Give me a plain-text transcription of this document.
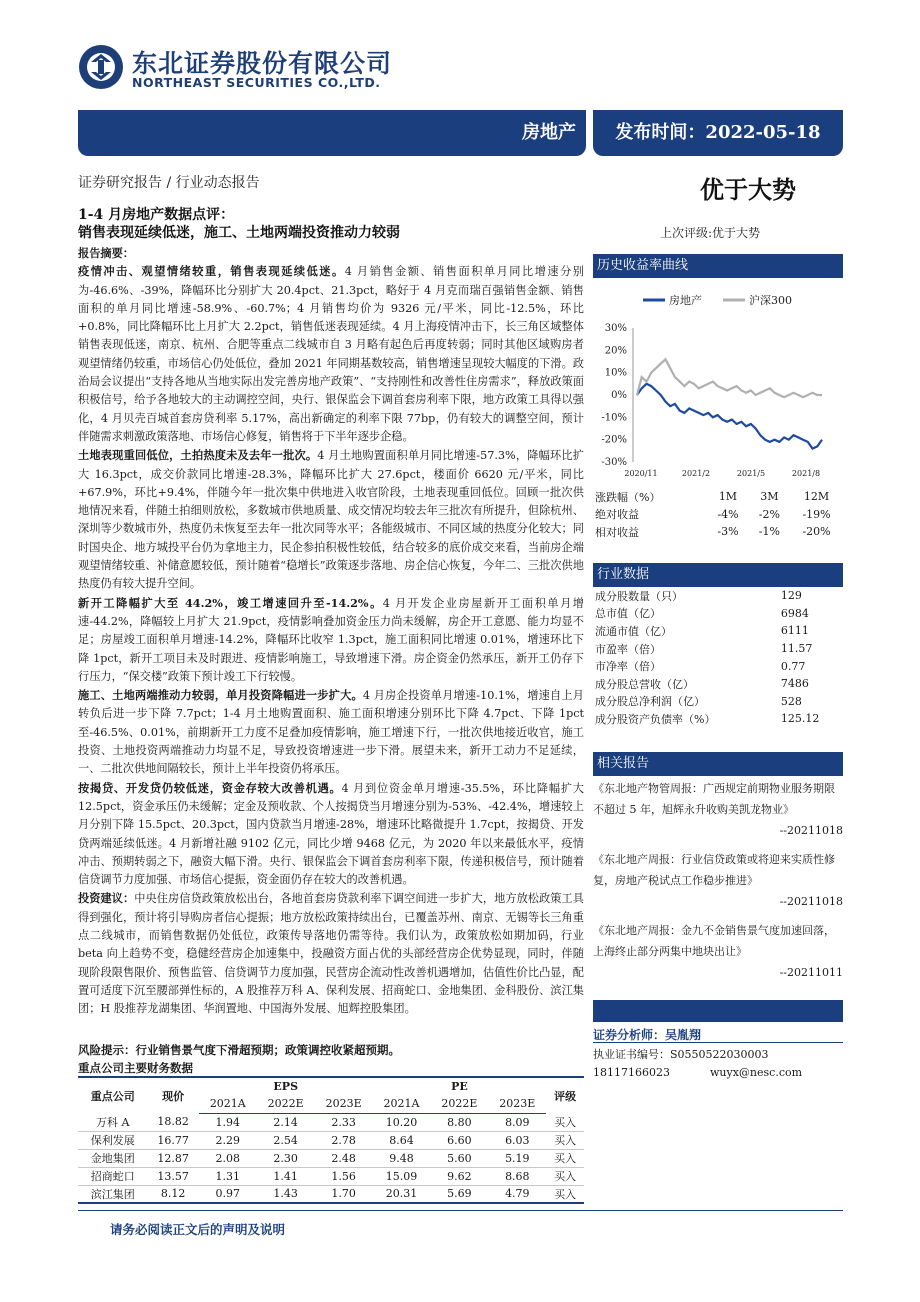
东北证券股份有限公司
NORTHEAST SECURITIES CO.,LTD.
房地产	发布时间：2022-05-18
证券研究报告 / 行业动态报告
1-4 月房地产数据点评：
销售表现延续低迷，施工、土地两端投资推动力较弱
优于大势
上次评级:优于大势

报告摘要：

疫情冲击、观望情绪较重，销售表现延续低迷。4 月销售金额、销售面积单月同比增速分别为-46.6%、-39%，降幅环比分别扩大 20.4pct、21.3pct，略好于 4 月克而瑞百强销售金额、销售面积的单月同比增速-58.9%、-60.7%；4 月销售均价为 9326 元/平米，同比-12.5%，环比+0.8%，同比降幅环比上月扩大 2.2pct，销售低迷表现延续。4 月上海疫情冲击下，长三角区域整体销售表现低迷，南京、杭州、合肥等重点二线城市自 3 月略有起色后再度转弱；同时其他区域购房者观望情绪仍较重，市场信心仍处低位，叠加 2021 年同期基数较高，销售增速呈现较大幅度的下滑。政治局会议提出“支持各地从当地实际出发完善房地产政策”、“支持刚性和改善性住房需求”，释放政策面积极信号，给予各地较大的主动调控空间，央行、银保监会下调首套房利率下限，地方政策工具得以强化，4 月贝壳百城首套房贷利率 5.17%，高出新确定的利率下限 77bp，仍有较大的调整空间，预计伴随需求刺激政策落地、市场信心修复，销售将于下半年逐步企稳。

土地表现重回低位，土拍热度未及去年一批次。4 月土地购置面积单月同比增速-57.3%，降幅环比扩大 16.3pct，成交价款同比增速-28.3%，降幅环比扩大 27.6pct，楼面价 6620 元/平米，同比+67.9%，环比+9.4%，伴随今年一批次集中供地进入收官阶段，土地表现重回低位。回顾一批次供地情况来看，伴随土拍细则放松，多数城市供地质量、成交情况均较去年三批次有所提升，但除杭州、深圳等少数城市外，热度仍未恢复至去年一批次同等水平；各能级城市、不同区域的热度分化较大；同时国央企、地方城投平台仍为拿地主力，民企参拍积极性较低，结合较多的底价成交来看，当前房企端观望情绪较重、补储意愿较低，预计随着“稳增长”政策逐步落地、房企信心恢复，今年二、三批次供地热度仍有较大提升空间。

新开工降幅扩大至 44.2%，竣工增速回升至-14.2%。4 月开发企业房屋新开工面积单月增速-44.2%，降幅较上月扩大 21.9pct，疫情影响叠加资金压力尚未缓解，房企开工意愿、能力均显不足；房屋竣工面积单月增速-14.2%，降幅环比收窄 1.3pct，施工面积同比增速 0.01%，增速环比下降 1pct，新开工项目未及时跟进、疫情影响施工，导致增速下滑。房企资金仍然承压，新开工仍存下行压力，“保交楼”政策下预计竣工下行较慢。

施工、土地两端推动力较弱，单月投资降幅进一步扩大。4 月房企投资单月增速-10.1%，增速自上月转负后进一步下降 7.7pct；1-4 月土地购置面积、施工面积增速分别环比下降 4.7pct、下降 1pct 至-46.5%、0.01%，前期新开工力度不足叠加疫情影响，施工增速下行，一批次供地接近收官，施工投资、土地投资两端推动力均显不足，导致投资增速进一步下滑。展望未来，新开工动力不足延续，一、二批次供地间隔较长，预计上半年投资仍将承压。

按揭贷、开发贷仍较低迷，资金存较大改善机遇。4 月到位资金单月增速-35.5%，环比降幅扩大 12.5pct，资金承压仍未缓解；定金及预收款、个人按揭贷当月增速分别为-53%、-42.4%，增速较上月分别下降 15.5pct、20.3pct，国内贷款当月增速-28%，增速环比略微提升 1.7cpt，按揭贷、开发贷两端延续低迷。4 月新增社融 9102 亿元，同比少增 9468 亿元，为 2020 年以来最低水平，疫情冲击、预期转弱之下，融资大幅下滑。央行、银保监会下调首套房利率下限，传递积极信号，预计随着信贷调节力度加强、市场信心提振，资金面仍存在较大的改善机遇。

投资建议：中央住房信贷政策放松出台，各地首套房贷款利率下调空间进一步扩大，地方放松政策工具得到强化，预计将引导购房者信心提振；地方放松政策持续出台，已覆盖苏州、南京、无锡等长三角重点二线城市，而销售数据仍处低位，政策传导落地仍需等待。我们认为，政策放松如期加码，行业 beta 向上趋势不变，稳健经营房企加速集中，投融资方面占优的头部经营房企优势显现，同时，伴随现阶段限售限价、预售监管、信贷调节力度加强，民营房企流动性改善机遇增加，估值性价比凸显，配置可适度下沉至腰部弹性标的，A 股推荐万科 A、保利发展、招商蛇口、金地集团、金科股份、滨江集团；H 股推荐龙湖集团、华润置地、中国海外发展、旭辉控股集团。

风险提示：行业销售景气度下滑超预期；政策调控收紧超预期。
重点公司主要财务数据
重点公司	现价	EPS			PE			评级
		2021A	2022E	2023E	2021A	2022E	2023E	
万科 A	18.82	1.94	2.14	2.33	10.20	8.80	8.09	买入
保利发展	16.77	2.29	2.54	2.78	8.64	6.60	6.03	买入
金地集团	12.87	2.08	2.30	2.48	9.48	5.60	5.19	买入
招商蛇口	13.57	1.31	1.41	1.56	15.09	9.62	8.68	买入
滨江集团	8.12	0.97	1.43	1.70	20.31	5.69	4.79	买入
请务必阅读正文后的声明及说明
历史收益率曲线
房地产	沪深300
30%
20%
10%
0%
-10%
-20%
-30%
2020/11	2021/2	2021/5	2021/8
涨跌幅（%）	1M	3M	12M
绝对收益	-4%	-2%	-19%
相对收益	-3%	-1%	-20%
行业数据
成分股数量（只）	129
总市值（亿）	6984
流通市值（亿）	6111
市盈率（倍）	11.57
市净率（倍）	0.77
成分股总营收（亿）	7486
成分股总净利润（亿）	528
成分股资产负债率（%）	125.12
相关报告
《东北地产物管周报：广西规定前期物业服务期限不超过 5 年，旭辉永升收购美凯龙物业》
--20211018
《东北地产周报：行业信贷政策或将迎来实质性修复，房地产税试点工作稳步推进》
--20211018
《东北地产周报：金九不金销售景气度加速回落，上海终止部分两集中地块出让》
--20211011
证券分析师：吴胤翔
执业证书编号：S0550522030003
18117166023	wuyx@nesc.com
